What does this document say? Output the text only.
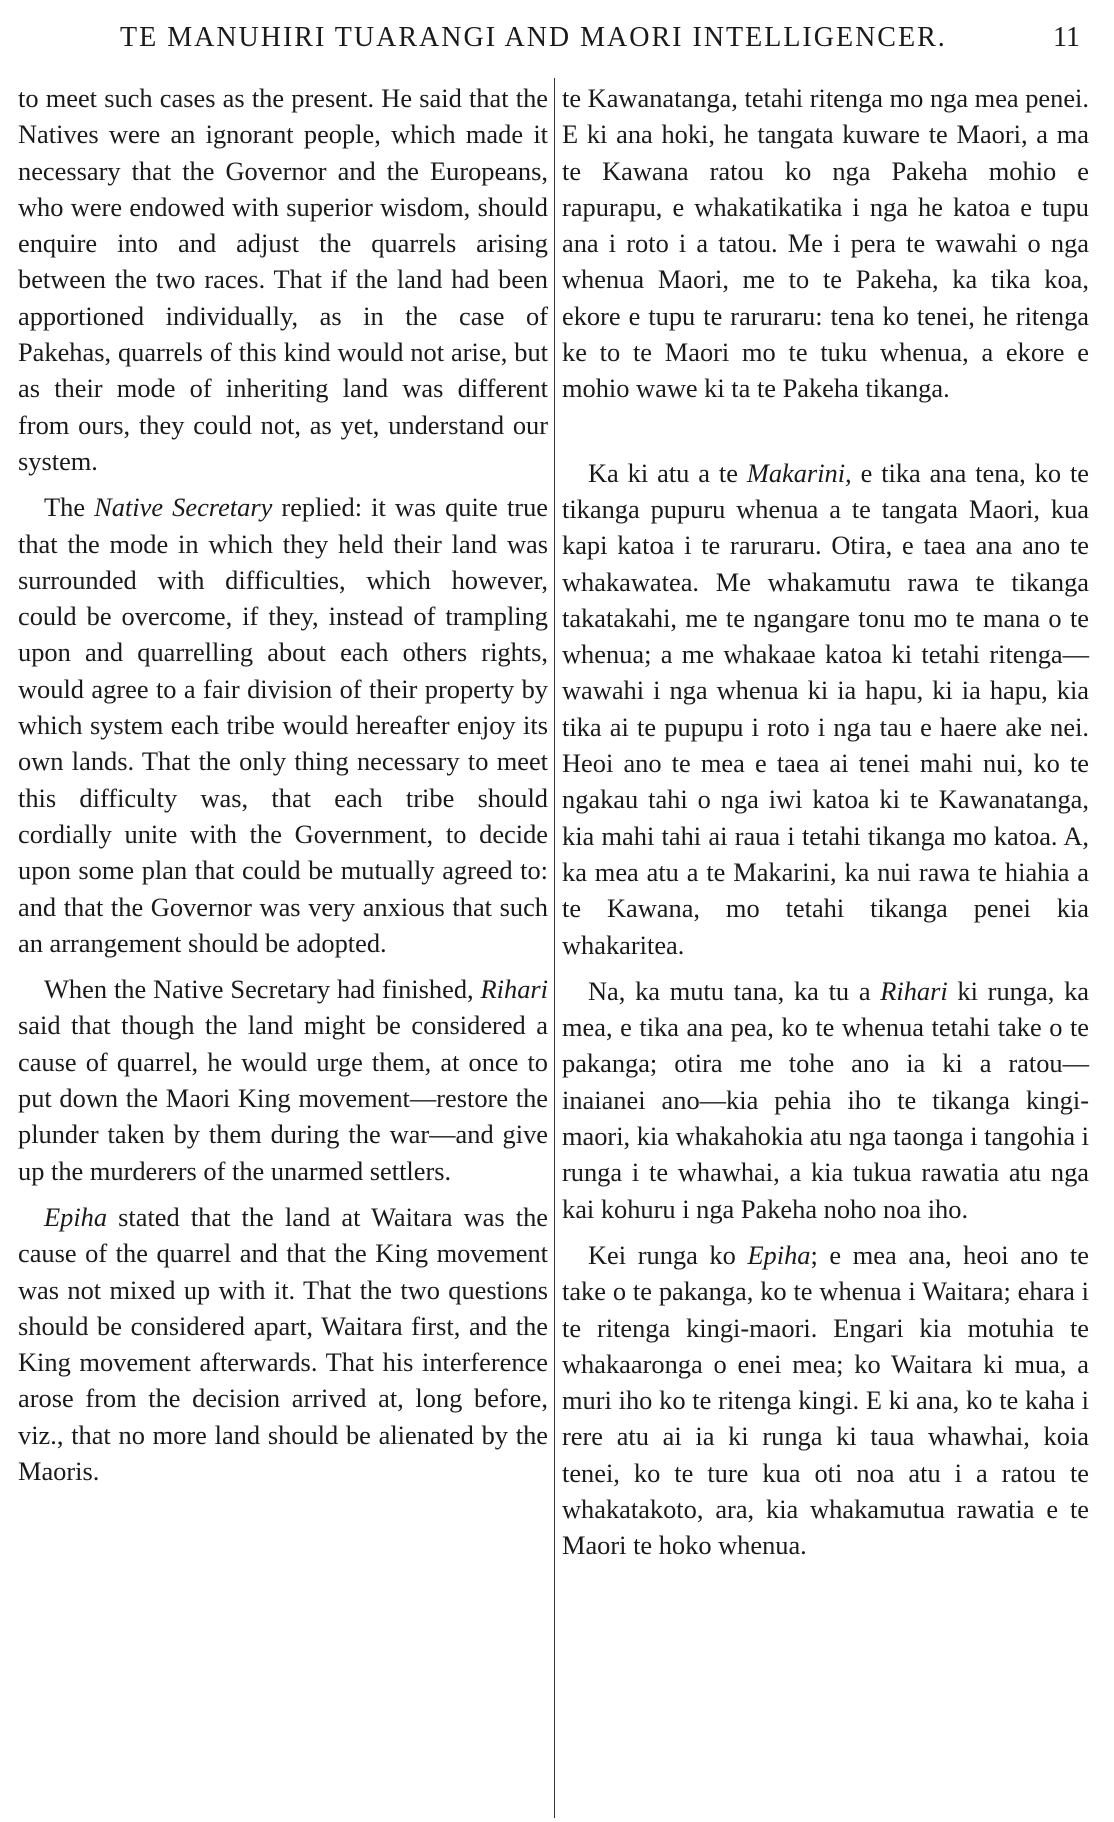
TE MANUHIRI TUARANGI AND MAORI INTELLIGENCER.	11

to meet such cases as the present. He said that the Natives were an ignorant people, which made it necessary that the Governor and the Europeans, who were endowed with superior wisdom, should enquire into and adjust the quarrels arising between the two races. That if the land had been apportioned individually, as in the case of Pakehas, quarrels of this kind would not arise, but as their mode of inheriting land was different from ours, they could not, as yet, understand our system.

The Native Secretary replied: it was quite true that the mode in which they held their land was surrounded with difficulties, which however, could be overcome, if they, instead of trampling upon and quarrelling about each others rights, would agree to a fair division of their property by which system each tribe would hereafter enjoy its own lands. That the only thing necessary to meet this difficulty was, that each tribe should cordially unite with the Government, to decide upon some plan that could be mutually agreed to: and that the Governor was very anxious that such an arrangement should be adopted.

When the Native Secretary had finished, Rihari said that though the land might be considered a cause of quarrel, he would urge them, at once to put down the Maori King movement—restore the plunder taken by them during the war—and give up the murderers of the unarmed settlers.

Epiha stated that the land at Waitara was the cause of the quarrel and that the King movement was not mixed up with it. That the two questions should be considered apart, Waitara first, and the King movement afterwards. That his interference arose from the decision arrived at, long before, viz., that no more land should be alienated by the Maoris.

te Kawanatanga, tetahi ritenga mo nga mea penei. E ki ana hoki, he tangata kuware te Maori, a ma te Kawana ratou ko nga Pakeha mohio e rapurapu, e whakatikatika i nga he katoa e tupu ana i roto i a tatou. Me i pera te wawahi o nga whenua Maori, me to te Pakeha, ka tika koa, ekore e tupu te raruraru: tena ko tenei, he ritenga ke to te Maori mo te tuku whenua, a ekore e mohio wawe ki ta te Pakeha tikanga.

Ka ki atu a te Makarini, e tika ana tena, ko te tikanga pupuru whenua a te tangata Maori, kua kapi katoa i te raruraru. Otira, e taea ana ano te whakawatea. Me whakamutu rawa te tikanga takatakahi, me te ngangare tonu mo te mana o te whenua; a me whakaae katoa ki tetahi ritenga—wawahi i nga whenua ki ia hapu, ki ia hapu, kia tika ai te pupupu i roto i nga tau e haere ake nei. Heoi ano te mea e taea ai tenei mahi nui, ko te ngakau tahi o nga iwi katoa ki te Kawanatanga, kia mahi tahi ai raua i tetahi tikanga mo katoa. A, ka mea atu a te Makarini, ka nui rawa te hiahia a te Kawana, mo tetahi tikanga penei kia whakaritea.

Na, ka mutu tana, ka tu a Rihari ki runga, ka mea, e tika ana pea, ko te whenua tetahi take o te pakanga; otira me tohe ano ia ki a ratou—inaianei ano—kia pehia iho te tikanga kingi-maori, kia whakahokia atu nga taonga i tangohia i runga i te whawhai, a kia tukua rawatia atu nga kai kohuru i nga Pakeha noho noa iho.

Kei runga ko Epiha; e mea ana, heoi ano te take o te pakanga, ko te whenua i Waitara; ehara i te ritenga kingi-maori. Engari kia motuhia te whakaaronga o enei mea; ko Waitara ki mua, a muri iho ko te ritenga kingi. E ki ana, ko te kaha i rere atu ai ia ki runga ki taua whawhai, koia tenei, ko te ture kua oti noa atu i a ratou te whakatakoto, ara, kia whakamutua rawatia e te Maori te hoko whenua.
